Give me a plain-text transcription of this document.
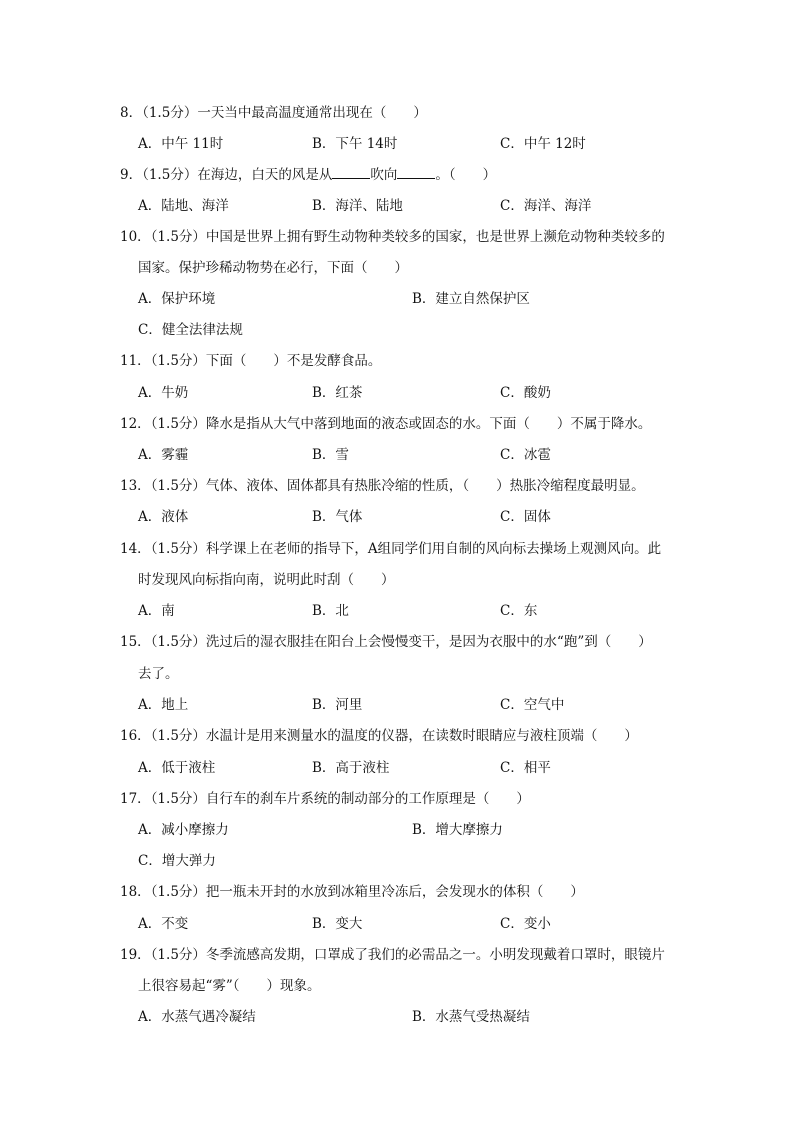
8．（1.5分）一天当中最高温度通常出现在（　　）
A．中午 11时	B．下午 14时	C．中午 12时
9．（1.5分）在海边，白天的风是从	吹向	。（　　）
A．陆地、海洋	B．海洋、陆地	C．海洋、海洋
10．（1.5分）中国是世界上拥有野生动物种类较多的国家，也是世界上濒危动物种类较多的
国家。保护珍稀动物势在必行，下面（　　）
A．保护环境	B．建立自然保护区
C．健全法律法规
11．（1.5分）下面（　　）不是发酵食品。
A．牛奶	B．红茶	C．酸奶
12．（1.5分）降水是指从大气中落到地面的液态或固态的水。下面（　　）不属于降水。
A．雾霾	B．雪	C．冰雹
13．（1.5分）气体、液体、固体都具有热胀冷缩的性质，（　　）热胀冷缩程度最明显。
A．液体	B．气体	C．固体
14．（1.5分）科学课上在老师的指导下，A组同学们用自制的风向标去操场上观测风向。此
时发现风向标指向南，说明此时刮（　　）
A．南	B．北	C．东
15．（1.5分）洗过后的湿衣服挂在阳台上会慢慢变干，是因为衣服中的水“跑”到（　　）
去了。
A．地上	B．河里	C．空气中
16．（1.5分）水温计是用来测量水的温度的仪器，在读数时眼睛应与液柱顶端（　　）
A．低于液柱	B．高于液柱	C．相平
17．（1.5分）自行车的刹车片系统的制动部分的工作原理是（　　）
A．减小摩擦力	B．增大摩擦力
C．增大弹力
18．（1.5分）把一瓶未开封的水放到冰箱里冷冻后，会发现水的体积（　　）
A．不变	B．变大	C．变小
19．（1.5分）冬季流感高发期，口罩成了我们的必需品之一。小明发现戴着口罩时，眼镜片
上很容易起“雾”（　　）现象。
A．水蒸气遇冷凝结	B．水蒸气受热凝结
